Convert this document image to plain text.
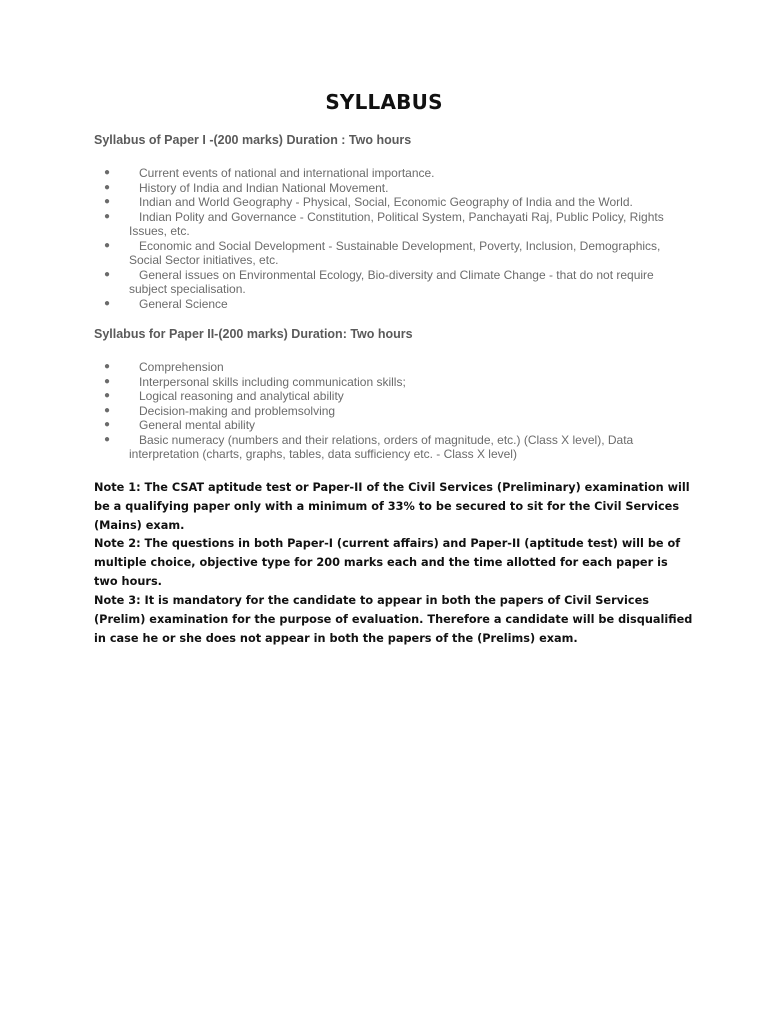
SYLLABUS
Syllabus of Paper I -(200 marks) Duration : Two hours
● Current events of national and international importance.
● History of India and Indian National Movement.
● Indian and World Geography - Physical, Social, Economic Geography of India and the World.
● Indian Polity and Governance - Constitution, Political System, Panchayati Raj, Public Policy, Rights Issues, etc.
● Economic and Social Development - Sustainable Development, Poverty, Inclusion, Demographics, Social Sector initiatives, etc.
● General issues on Environmental Ecology, Bio-diversity and Climate Change - that do not require subject specialisation.
● General Science
Syllabus for Paper II-(200 marks) Duration: Two hours
● Comprehension
● Interpersonal skills including communication skills;
● Logical reasoning and analytical ability
● Decision-making and problemsolving
● General mental ability
● Basic numeracy (numbers and their relations, orders of magnitude, etc.) (Class X level), Data interpretation (charts, graphs, tables, data sufficiency etc. - Class X level)
Note 1: The CSAT aptitude test or Paper-II of the Civil Services (Preliminary) examination will be a qualifying paper only with a minimum of 33% to be secured to sit for the Civil Services (Mains) exam.
Note 2: The questions in both Paper-I (current affairs) and Paper-II (aptitude test) will be of multiple choice, objective type for 200 marks each and the time allotted for each paper is two hours.
Note 3: It is mandatory for the candidate to appear in both the papers of Civil Services (Prelim) examination for the purpose of evaluation. Therefore a candidate will be disqualified in case he or she does not appear in both the papers of the (Prelims) exam.
